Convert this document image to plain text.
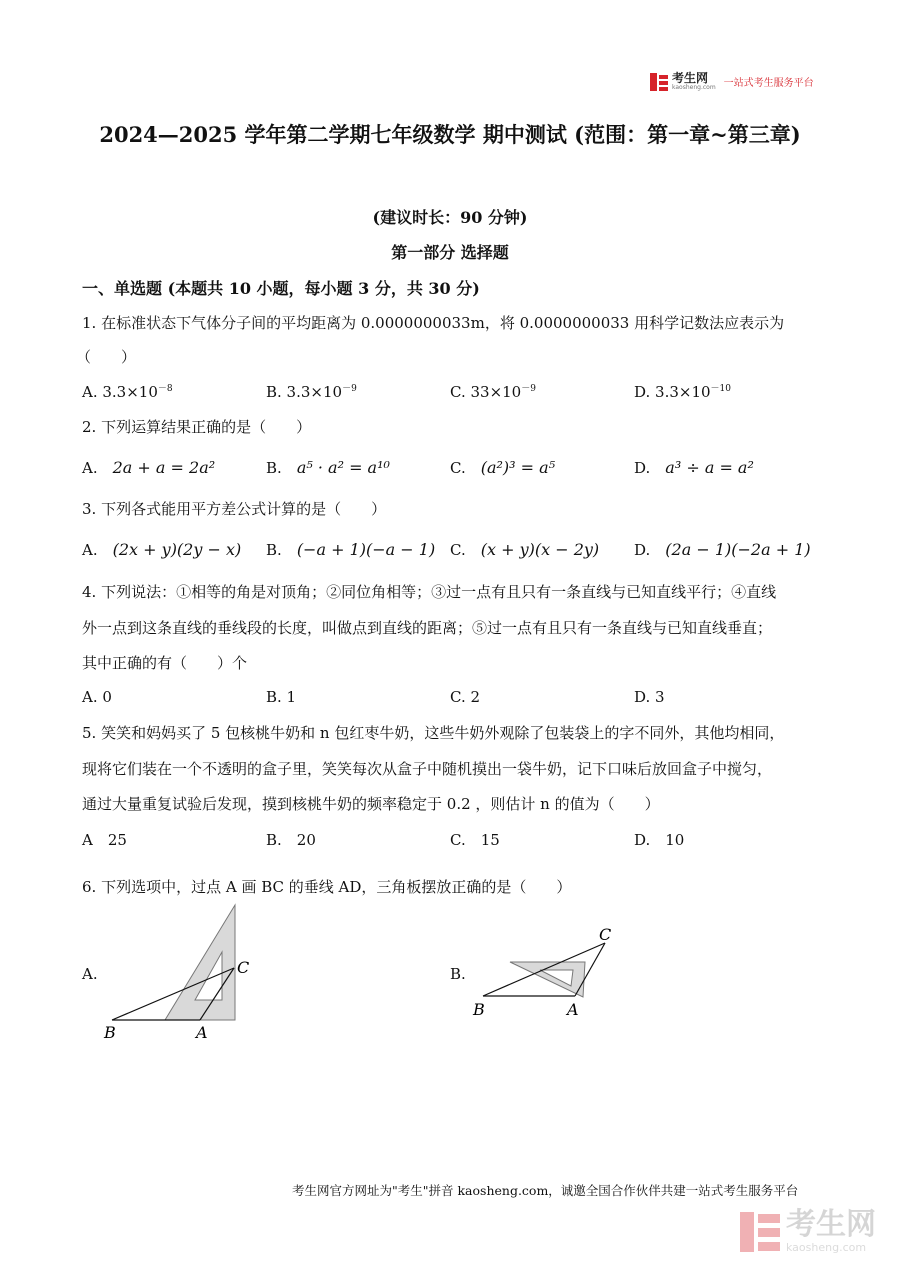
考生网
kaosheng.com 一站式考生服务平台
2024—2025 学年第二学期七年级数学 期中测试 (范围：第一章~第三章)
(建议时长：90 分钟)
第一部分 选择题
一、单选题 (本题共 10 小题，每小题 3 分，共 30 分)
1. 在标准状态下气体分子间的平均距离为 0.0000000033m，将 0.0000000033 用科学记数法应表示为
（　　）
A. $3.3\times 10^{-8}$	B. $3.3\times 10^{-9}$	C. $33\times 10^{-9}$	D. $3.3\times 10^{-10}$
2. 下列运算结果正确的是（　　）
A.　 2a + a = 2a²	B.　 a⁵ · a² = a¹⁰	C.　 (a²)³ = a⁵	D.　 a³ ÷ a = a²
3. 下列各式能用平方差公式计算的是（　　）
A.　 (2x + y)(2y − x) B.　 (−a + 1)(−a − 1) C.　 (x + y)(x − 2y) D.　 (2a − 1)(−2a + 1)
4. 下列说法：①相等的角是对顶角；②同位角相等；③过一点有且只有一条直线与已知直线平行；④直线
外一点到这条直线的垂线段的长度，叫做点到直线的距离；⑤过一点有且只有一条直线与已知直线垂直；
其中正确的有（　　）个
A. 0	B. 1	C. 2	D. 3
5. 笑笑和妈妈买了 5 包核桃牛奶和 n 包红枣牛奶，这些牛奶外观除了包装袋上的字不同外，其他均相同，
现将它们装在一个不透明的盒子里，笑笑每次从盒子中随机摸出一袋牛奶，记下口味后放回盒子中搅匀，
通过大量重复试验后发现，摸到核桃牛奶的频率稳定于 0.2 ，则估计 n 的值为（　　）
A　25	B.　20	C.　15	D.　10
6. 下列选项中，过点 A 画 BC 的垂线 AD，三角板摆放正确的是（　　）
A.	B.
B	A
C
B	A
C
考生网官方网址为"考生"拼音 kaosheng.com，诚邀全国合作伙伴共建一站式考生服务平台
考生网
kaosheng.com
